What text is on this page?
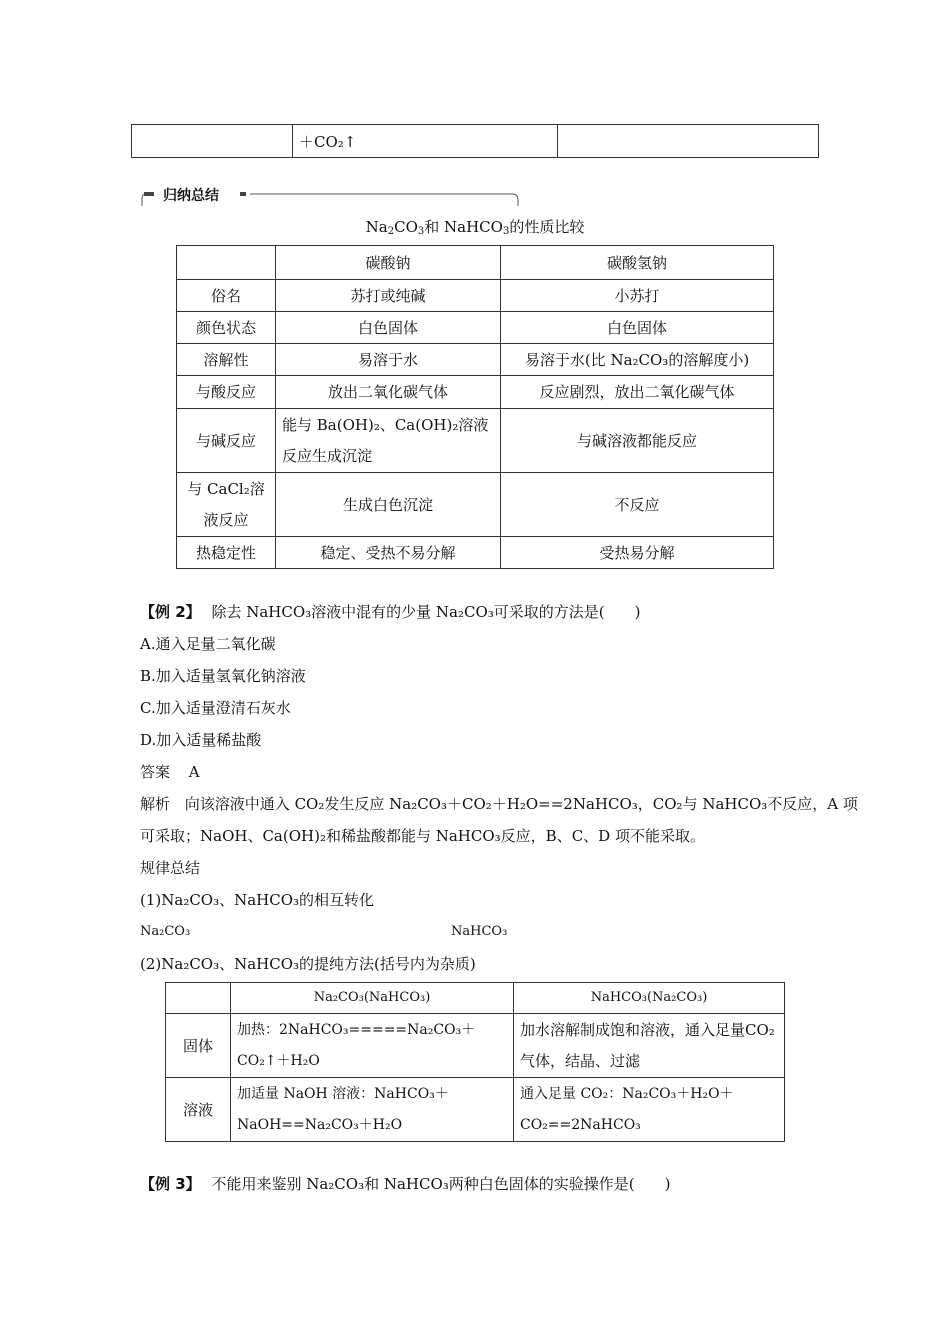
	＋CO₂↑	
归纳总结
$Na_2CO_3$和 NaHCO$_3$的性质比较
	碳酸钠	碳酸氢钠
俗名	苏打或纯碱	小苏打
颜色状态	白色固体	白色固体
溶解性	易溶于水	易溶于水(比 Na₂CO₃的溶解度小)
与酸反应	放出二氧化碳气体	反应剧烈，放出二氧化碳气体
与碱反应	能与 Ba(OH)₂、Ca(OH)₂溶液反应生成沉淀	与碱溶液都能反应
与 CaCl₂溶液反应	生成白色沉淀	不反应
热稳定性	稳定、受热不易分解	受热易分解
【例 2】 除去 NaHCO₃溶液中混有的少量 Na₂CO₃可采取的方法是(　　)
A.通入足量二氧化碳
B.加入适量氢氧化钠溶液
C.加入适量澄清石灰水
D.加入适量稀盐酸
答案 A
解析 向该溶液中通入 CO₂发生反应 Na₂CO₃＋CO₂＋H₂O==2NaHCO₃，CO₂与 NaHCO₃不反应，A 项
可采取；NaOH、Ca(OH)₂和稀盐酸都能与 NaHCO₃反应，B、C、D 项不能采取。
规律总结
(1)Na₂CO₃、NaHCO₃的相互转化
Na₂CO₃	NaHCO₃
(2)Na₂CO₃、NaHCO₃的提纯方法(括号内为杂质)
	Na₂CO₃(NaHCO₃)	NaHCO₃(Na₂CO₃)
固体	加热：2NaHCO₃=====Na₂CO₃＋CO₂↑＋H₂O	加水溶解制成饱和溶液，通入足量CO₂气体，结晶、过滤
溶液	加适量 NaOH 溶液：NaHCO₃＋NaOH==Na₂CO₃＋H₂O	通入足量 CO₂：Na₂CO₃＋H₂O＋CO₂==2NaHCO₃
【例 3】 不能用来鉴别 Na₂CO₃和 NaHCO₃两种白色固体的实验操作是(　　)
